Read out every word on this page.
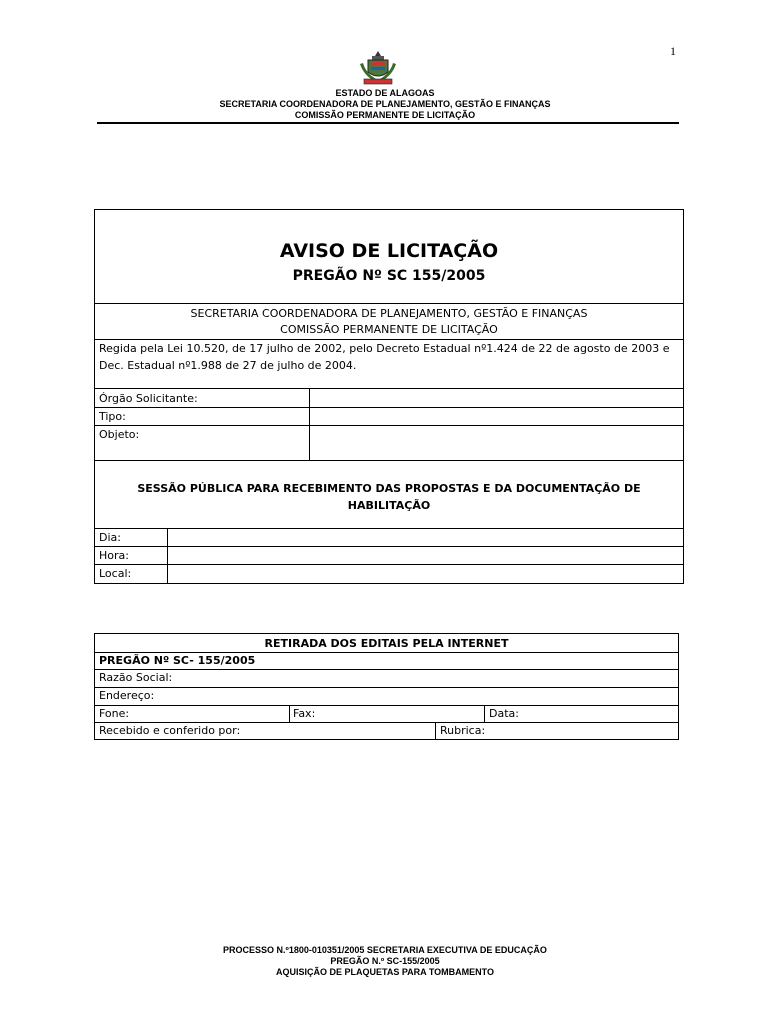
1
ESTADO DE ALAGOAS
SECRETARIA COORDENADORA DE PLANEJAMENTO, GESTÃO E FINANÇAS
COMISSÃO PERMANENTE DE LICITAÇÃO
AVISO DE LICITAÇÃO
PREGÃO Nº SC 155/2005
SECRETARIA COORDENADORA DE PLANEJAMENTO, GESTÃO E FINANÇAS
COMISSÃO PERMANENTE DE LICITAÇÃO
Regida pela Lei 10.520, de 17 julho de 2002, pelo Decreto Estadual nº1.424 de 22 de agosto de 2003 e
Dec. Estadual nº1.988 de 27 de julho de 2004.
Órgão Solicitante:
Tipo:
Objeto:
SESSÃO PÚBLICA PARA RECEBIMENTO DAS PROPOSTAS E DA DOCUMENTAÇÃO DE
HABILITAÇÃO
Dia:
Hora:
Local:
RETIRADA DOS EDITAIS PELA INTERNET
PREGÃO Nº SC- 155/2005
Razão Social:
Endereço:
Fone:	Fax:	Data:
Recebido e conferido por:	Rubrica:
PROCESSO N.º1800-010351/2005 SECRETARIA EXECUTIVA DE EDUCAÇÃO
PREGÃO N.º SC-155/2005
AQUISIÇÃO DE PLAQUETAS PARA TOMBAMENTO
